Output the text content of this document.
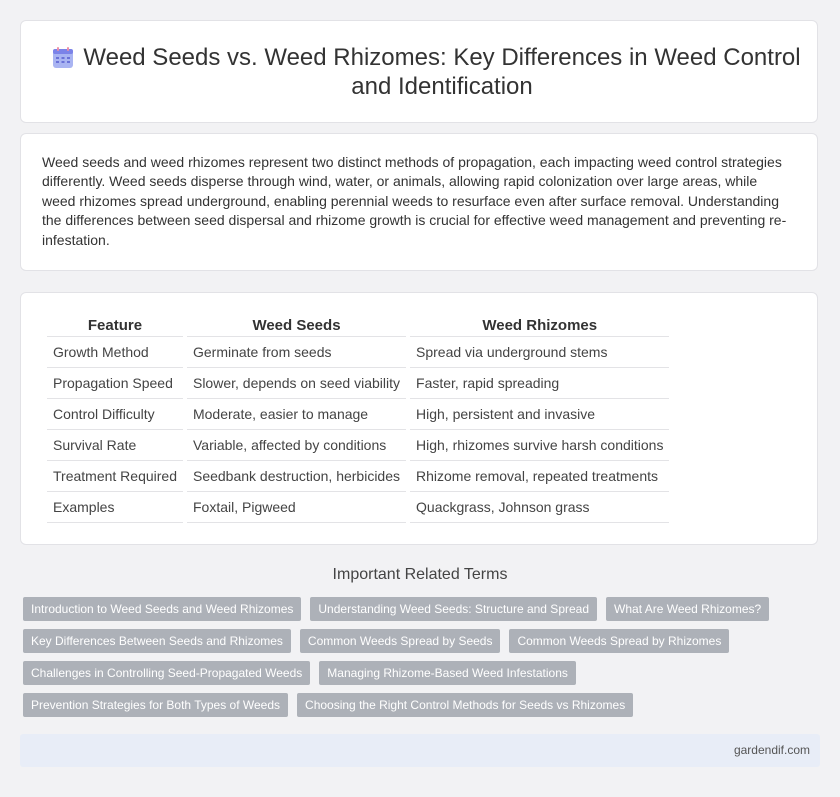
Weed Seeds vs. Weed Rhizomes: Key Differences in Weed Control and Identification

Weed seeds and weed rhizomes represent two distinct methods of propagation, each impacting weed control strategies differently. Weed seeds disperse through wind, water, or animals, allowing rapid colonization over large areas, while weed rhizomes spread underground, enabling perennial weeds to resurface even after surface removal. Understanding the differences between seed dispersal and rhizome growth is crucial for effective weed management and preventing re-infestation.

Feature	Weed Seeds	Weed Rhizomes
Growth Method	Germinate from seeds	Spread via underground stems
Propagation Speed	Slower, depends on seed viability	Faster, rapid spreading
Control Difficulty	Moderate, easier to manage	High, persistent and invasive
Survival Rate	Variable, affected by conditions	High, rhizomes survive harsh conditions
Treatment Required	Seedbank destruction, herbicides	Rhizome removal, repeated treatments
Examples	Foxtail, Pigweed	Quackgrass, Johnson grass
Important Related Terms
Introduction to Weed Seeds and Weed Rhizomes	Understanding Weed Seeds: Structure and Spread	What Are Weed Rhizomes?
Key Differences Between Seeds and Rhizomes	Common Weeds Spread by Seeds	Common Weeds Spread by Rhizomes
Challenges in Controlling Seed-Propagated Weeds	Managing Rhizome-Based Weed Infestations
Prevention Strategies for Both Types of Weeds	Choosing the Right Control Methods for Seeds vs Rhizomes
gardendif.com
